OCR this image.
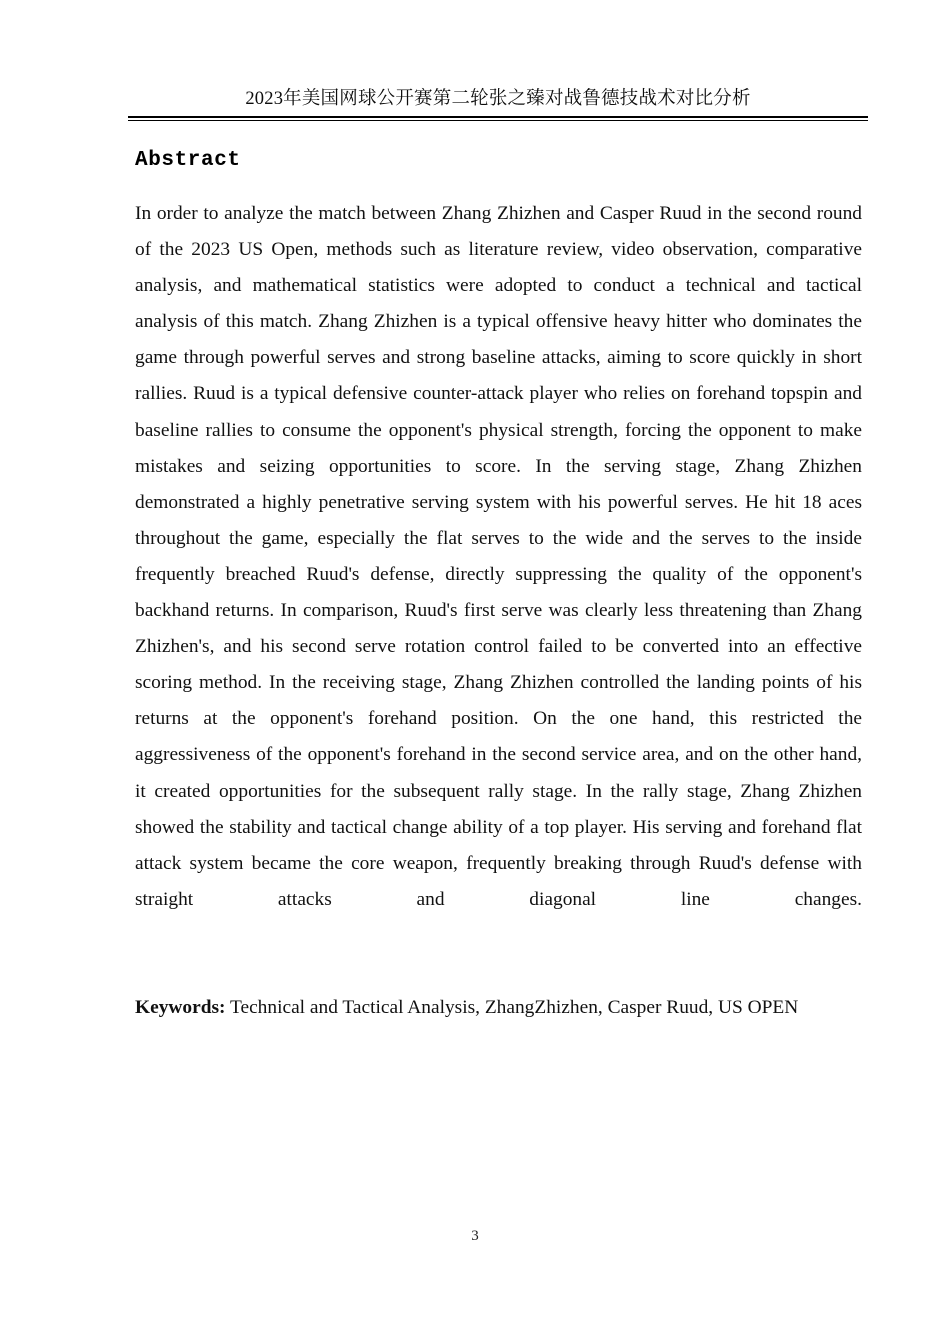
2023年美国网球公开赛第二轮张之臻对战鲁德技战术对比分析
Abstract

In order to analyze the match between Zhang Zhizhen and Casper Ruud in the second round of the 2023 US Open, methods such as literature review, video observation, comparative analysis, and mathematical statistics were adopted to conduct a technical and tactical analysis of this match. Zhang Zhizhen is a typical offensive heavy hitter who dominates the game through powerful serves and strong baseline attacks, aiming to score quickly in short rallies. Ruud is a typical defensive counter-attack player who relies on forehand topspin and baseline rallies to consume the opponent's physical strength, forcing the opponent to make mistakes and seizing opportunities to score. In the serving stage, Zhang Zhizhen demonstrated a highly penetrative serving system with his powerful serves. He hit 18 aces throughout the game, especially the flat serves to the wide and the serves to the inside frequently breached Ruud's defense, directly suppressing the quality of the opponent's backhand returns. In comparison, Ruud's first serve was clearly less threatening than Zhang Zhizhen's, and his second serve rotation control failed to be converted into an effective scoring method. In the receiving stage, Zhang Zhizhen controlled the landing points of his returns at the opponent's forehand position. On the one hand, this restricted the aggressiveness of the opponent's forehand in the second service area, and on the other hand, it created opportunities for the subsequent rally stage. In the rally stage, Zhang Zhizhen showed the stability and tactical change ability of a top player. His serving and forehand flat attack system became the core weapon, frequently breaking through Ruud's defense with straight attacks and diagonal line changes.

Keywords: Technical and Tactical Analysis, ZhangZhizhen, Casper Ruud, US OPEN

3
